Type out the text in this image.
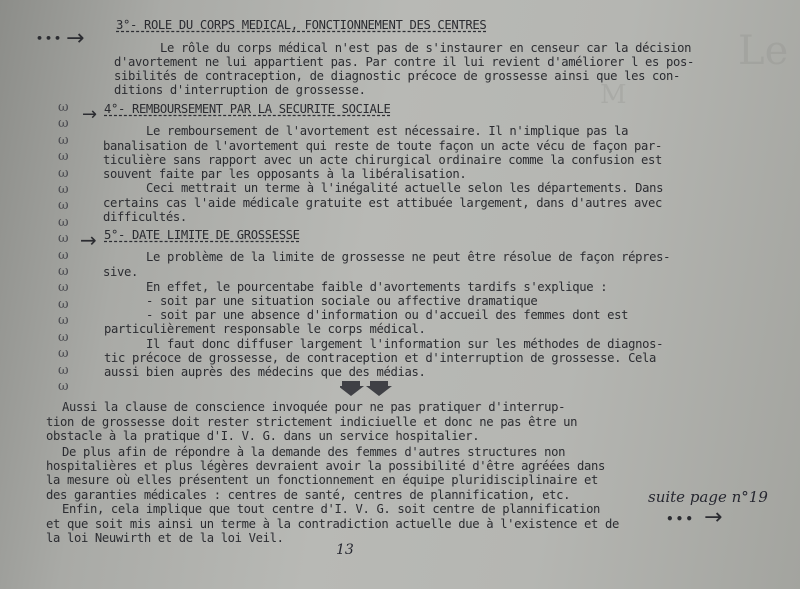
Le
M
••• →
→
→
ω
ω
ω
ω
ω
ω
ω
ω
ω
ω
ω
ω
ω
ω
ω
ω
ω
ω
3°- ROLE DU CORPS MEDICAL, FONCTIONNEMENT DES CENTRES
Le rôle du corps médical n'est pas de s'instaurer en censeur car la décision
d'avortement ne lui appartient pas. Par contre il lui revient d'améliorer l es pos-
sibilités de contraception, de diagnostic précoce de grossesse ainsi que les con-
ditions d'interruption de grossesse.
4°- REMBOURSEMENT PAR LA SECURITE SOCIALE
Le remboursement de l'avortement est nécessaire. Il n'implique pas la
banalisation de l'avortement qui reste de toute façon un acte vécu de façon par-
ticulière sans rapport avec un acte chirurgical ordinaire comme la confusion est
souvent faite par les opposants à la libéralisation.
Ceci mettrait un terme à l'inégalité actuelle selon les départements. Dans
certains cas l'aide médicale gratuite est attibuée largement, dans d'autres avec
difficultés.
5°- DATE LIMITE DE GROSSESSE
Le problème de la limite de grossesse ne peut être résolue de façon répres-
sive.
En effet, le pourcentabe faible d'avortements tardifs s'explique :
- soit par une situation sociale ou affective dramatique
- soit par une absence d'information ou d'accueil des femmes dont est
particulièrement responsable le corps médical.
Il faut donc diffuser largement l'information sur les méthodes de diagnos-
tic précoce de grossesse, de contraception et d'interruption de grossesse. Cela
aussi bien auprès des médecins que des médias.
Aussi la clause de conscience invoquée pour ne pas pratiquer d'interrup-
tion de grossesse doit rester strictement indiciuelle et donc ne pas être un
obstacle à la pratique d'I. V. G. dans un service hospitalier.
De plus afin de répondre à la demande des femmes d'autres structures non
hospitalières et plus légères devraient avoir la possibilité d'être agréées dans
la mesure où elles présentent un fonctionnement en équipe pluridisciplinaire et
des garanties médicales : centres de santé, centres de plannification, etc.
Enfin, cela implique que tout centre d'I. V. G. soit centre de plannification
et que soit mis ainsi un terme à la contradiction actuelle due à l'existence et de
la loi Neuwirth et de la loi Veil.
suite page n°19
••• →
13
